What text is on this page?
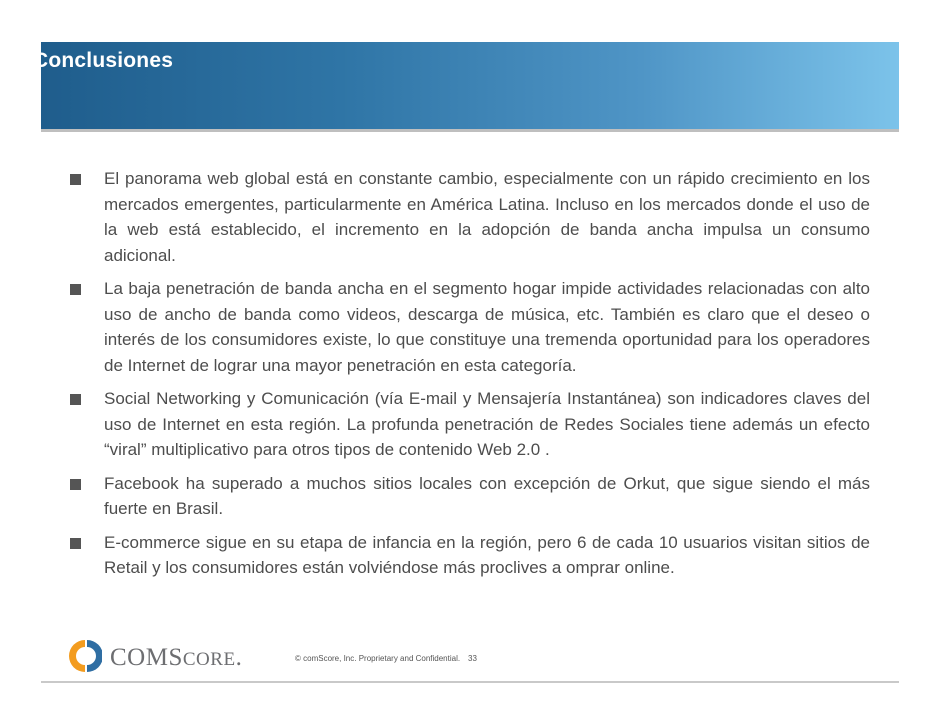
Conclusiones
El panorama web global está en constante cambio, especialmente con un rápido crecimiento en los mercados emergentes, particularmente en América Latina. Incluso en los mercados donde el uso de la web está establecido, el incremento en la adopción de banda ancha impulsa un consumo adicional.
La baja penetración de banda ancha en el segmento hogar impide actividades relacionadas con alto uso de ancho de banda como videos, descarga de música, etc. También es claro que el deseo o interés de los consumidores existe, lo que constituye una tremenda oportunidad para los operadores de Internet de lograr una mayor penetración en esta categoría.
Social Networking y Comunicación (vía E-mail y Mensajería Instantánea) son indicadores claves del uso de Internet en esta región. La profunda penetración de Redes Sociales tiene además un efecto “viral” multiplicativo para otros tipos de contenido Web 2.0 .
Facebook ha superado a muchos sitios locales con excepción de Orkut, que sigue siendo el más fuerte en Brasil.
E-commerce sigue en su etapa de infancia en la región, pero 6 de cada 10 usuarios visitan sitios de Retail y los consumidores están volviéndose más proclives a omprar online.
COMSCORE.	© comScore, Inc. Proprietary and Confidential. 33
